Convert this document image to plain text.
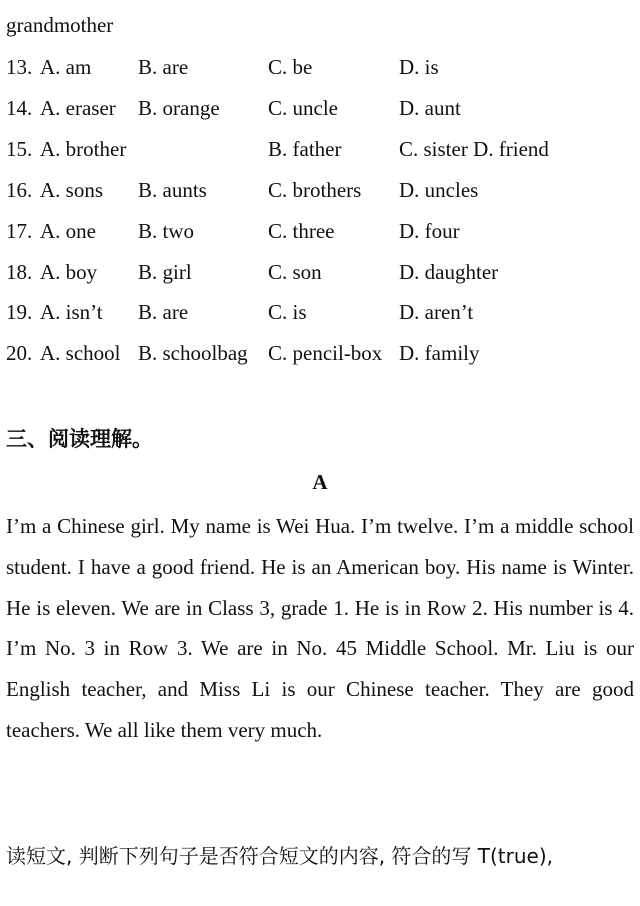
grandmother
13. A. am B. are	C. be	D. is
14. A. eraser B. orange C. uncle	D. aunt
15. A. brother	B. father	C. sister D. friend
16. A. sons B. aunts	C. brothers D. uncles
17. A. one B. two	C. three	D. four
18. A. boy B. girl	C. son	D. daughter
19. A. isn’t B. are	C. is	D. aren’t
20. A. school B. schoolbag C. pencil-box D. family
三、阅读理解。
A
I’m a Chinese girl. My name is Wei Hua. I’m twelve. I’m a middle school student. I have a good friend. He is an American boy. His name is Winter. He is eleven. We are in Class 3, grade 1. He is in Row 2. His number is 4. I’m No. 3 in Row 3. We are in No. 45 Middle School. Mr. Liu is our English teacher, and Miss Li is our Chinese teacher. They are good teachers. We all like them very much.
读短文, 判断下列句子是否符合短文的内容, 符合的写 T(true),
